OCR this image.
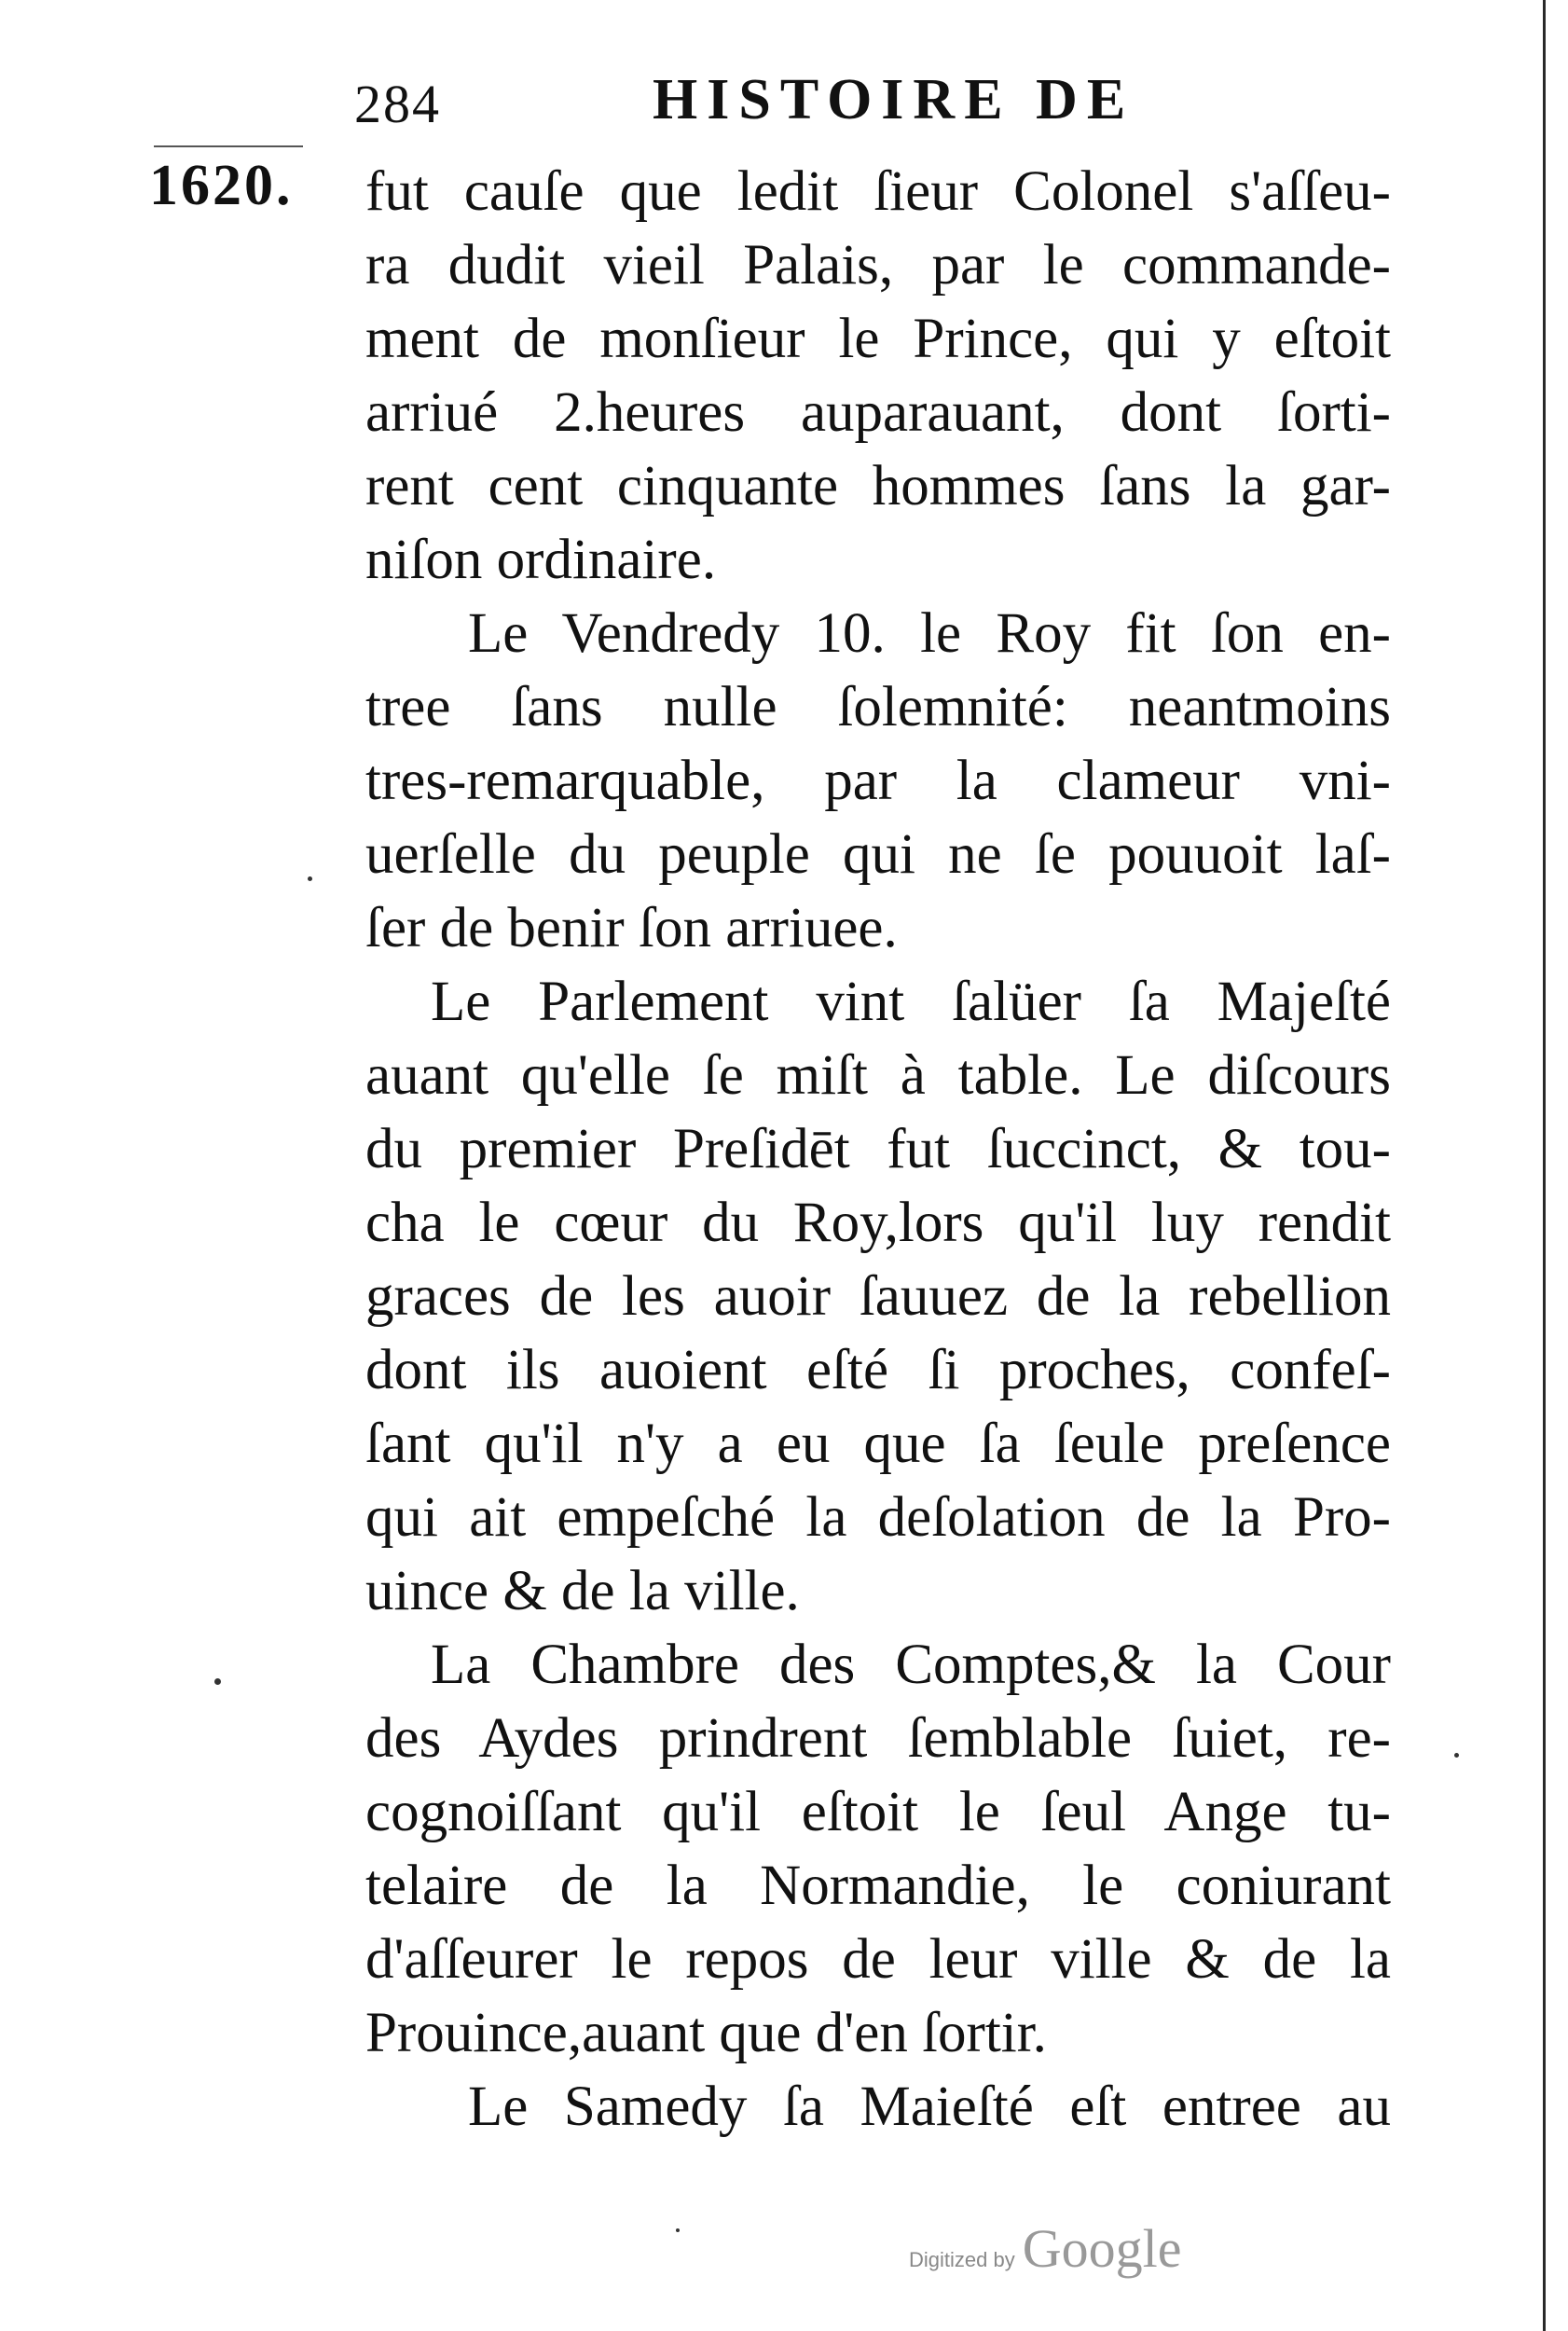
284	HISTOIRE DE
1620. fut cauſe que ledit ſieur Colonel s'aſſeu-
ra dudit vieil Palais, par le commande-
ment de monſieur le Prince, qui y eſtoit
arriué 2.heures auparauant, dont ſorti-
rent cent cinquante hommes ſans la gar-
niſon ordinaire.
Le Vendredy 10. le Roy fit ſon en-
tree ſans nulle ſolemnité: neantmoins
tres-remarquable, par la clameur vni-
uerſelle du peuple qui ne ſe pouuoit laſ-
ſer de benir ſon arriuee.
Le Parlement vint ſalüer ſa Majeſté
auant qu'elle ſe miſt à table. Le diſcours
du premier Preſidēt fut ſuccinct, & tou-
cha le cœur du Roy,lors qu'il luy rendit
graces de les auoir ſauuez de la rebellion
dont ils auoient eſté ſi proches, confeſ-
ſant qu'il n'y a eu que ſa ſeule preſence
qui ait empeſché la deſolation de la Pro-
uince & de la ville.
La Chambre des Comptes,& la Cour
des Aydes prindrent ſemblable ſuiet, re-
cognoiſſant qu'il eſtoit le ſeul Ange tu-
telaire de la Normandie, le coniurant
d'aſſeurer le repos de leur ville & de la
Prouince,auant que d'en ſortir.
Le Samedy ſa Maieſté eſt entree au
Digitized by Google
